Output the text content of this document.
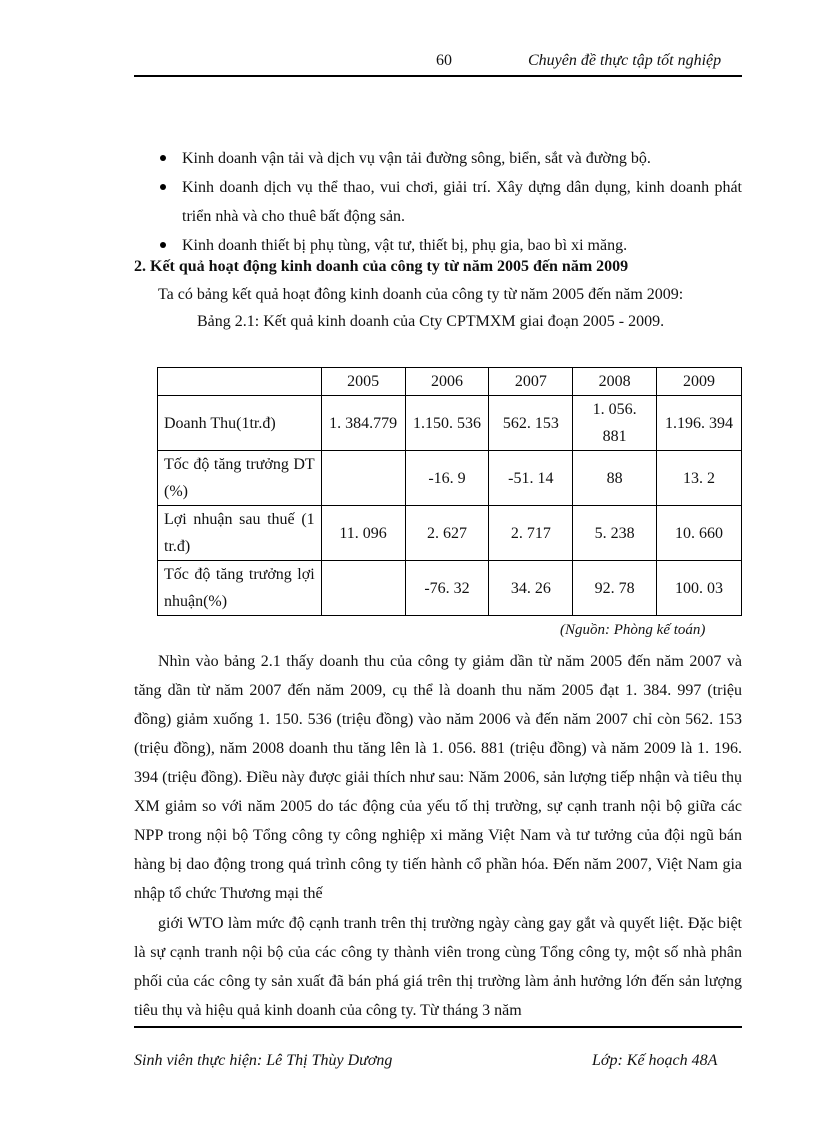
60	Chuyên đề thực tập tốt nghiệp
Kinh doanh vận tải và dịch vụ vận tải đường sông, biển, sắt và đường bộ.
Kinh doanh dịch vụ thể thao, vui chơi, giải trí. Xây dựng dân dụng, kinh doanh phát triển nhà và cho thuê bất động sản.
Kinh doanh thiết bị phụ tùng, vật tư, thiết bị, phụ gia, bao bì xi măng.
2. Kết quả hoạt động kinh doanh của công ty từ năm 2005 đến năm 2009
Ta có bảng kết quả hoạt đông kinh doanh của công ty từ năm 2005 đến năm 2009:
Bảng 2.1: Kết quả kinh doanh của Cty CPTMXM giai đoạn 2005 - 2009.
	2005	2006	2007	2008	2009
Doanh Thu(1tr.đ)	1. 384.779	1.150. 536	562. 153	1. 056. 881	1.196. 394
Tốc độ tăng trưởng DT (%)		-16. 9	-51. 14	88	13. 2
Lợi nhuận sau thuế (1 tr.đ)	11. 096	2. 627	2. 717	5. 238	10. 660
Tốc độ tăng trưởng lợi nhuận(%)		-76. 32	34. 26	92. 78	100. 03
(Nguồn: Phòng kế toán)

Nhìn vào bảng 2.1 thấy doanh thu của công ty giảm dần từ năm 2005 đến năm 2007 và tăng dần từ năm 2007 đến năm 2009, cụ thể là doanh thu năm 2005 đạt 1. 384. 997 (triệu đồng) giảm xuống 1. 150. 536 (triệu đồng) vào năm 2006 và đến năm 2007 chỉ còn 562. 153 (triệu đồng), năm 2008 doanh thu tăng lên là 1. 056. 881 (triệu đồng) và năm 2009 là 1. 196. 394 (triệu đồng). Điều này được giải thích như sau: Năm 2006, sản lượng tiếp nhận và tiêu thụ XM giảm so với năm 2005 do tác động của yếu tố thị trường, sự cạnh tranh nội bộ giữa các NPP trong nội bộ Tổng công ty công nghiệp xi măng Việt Nam và tư tưởng của đội ngũ bán hàng bị dao động trong quá trình công ty tiến hành cổ phần hóa. Đến năm 2007, Việt Nam gia nhập tổ chức Thương mại thế

giới WTO làm mức độ cạnh tranh trên thị trường ngày càng gay gắt và quyết liệt. Đặc biệt là sự cạnh tranh nội bộ của các công ty thành viên trong cùng Tổng công ty, một số nhà phân phối của các công ty sản xuất đã bán phá giá trên thị trường làm ảnh hưởng lớn đến sản lượng tiêu thụ và hiệu quả kinh doanh của công ty. Từ tháng 3 năm

Sinh viên thực hiện: Lê Thị Thùy Dương	Lớp: Kế hoạch 48A
